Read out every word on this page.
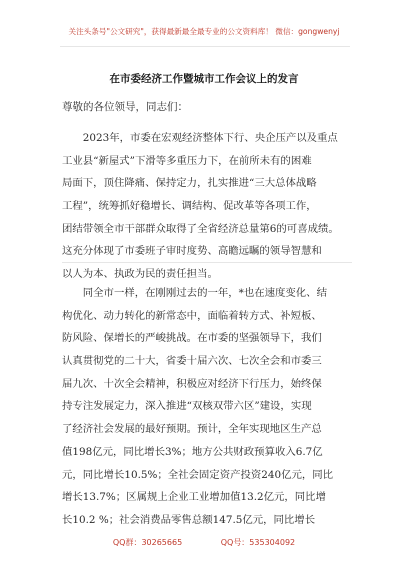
关注头条号"公文研究"，获得最新最全最专业的公文资料库！ 微信：gongwenyj
在市委经济工作暨城市工作会议上的发言
尊敬的各位领导，同志们：
　　2023年，市委在宏观经济整体下行、央企压产以及重点
工业县“新屋式”下滑等多重压力下，在前所未有的困难
局面下，顶住降痛、保持定力，扎实推进“三大总体战略
工程”，统筹抓好稳增长、调结构、促改革等各项工作，
团结带领全市干部群众取得了全省经济总量第6的可喜成绩。
这充分体现了市委班子审时度势、高瞻远瞩的领导智慧和
以人为本、执政为民的责任担当。
　　同全市一样，在刚刚过去的一年，*也在速度变化、结
构优化、动力转化的新常态中，面临着转方式、补短板、
防风险、保增长的严峻挑战。在市委的坚强领导下，我们
认真贯彻党的二十大，省委十届六次、七次全会和市委三
届九次、十次全会精神，积极应对经济下行压力，始终保
持专注发展定力，深入推进“双核双带六区”建设，实现
了经济社会发展的最好预期。预计，全年实现地区生产总
值198亿元，同比增长3%；地方公共财政预算收入6.7亿
元，同比增长10.5%；全社会固定资产投资240亿元，同比
增长13.7%；区属规上企业工业增加值13.2亿元，同比增
长10.2 %；社会消费品零售总额147.5亿元，同比增长
QQ群：30265665	QQ号：535304092
